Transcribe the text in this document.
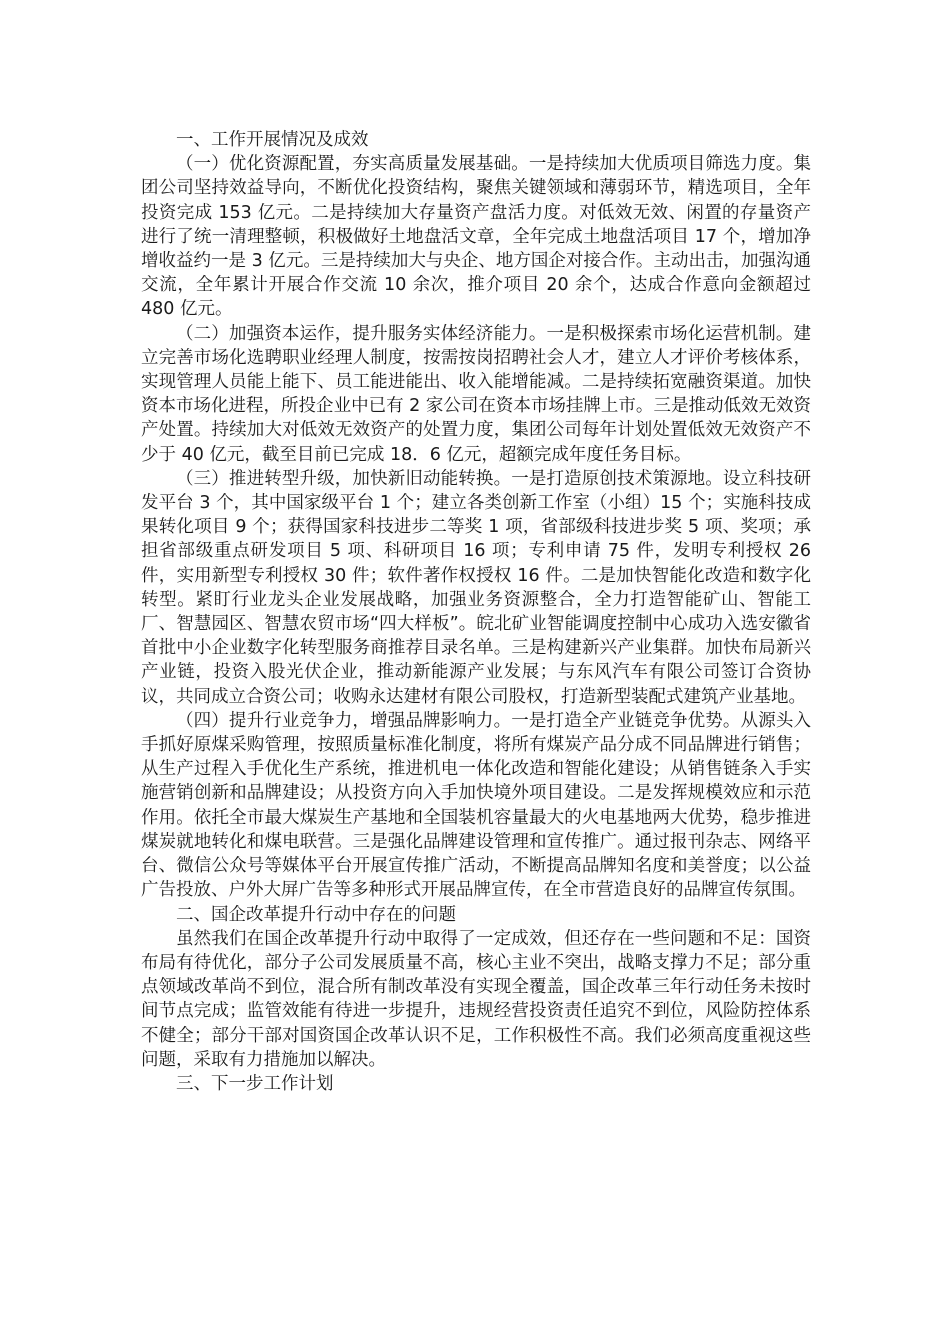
一、工作开展情况及成效

（一）优化资源配置，夯实高质量发展基础。一是持续加大优质项目筛选力度。集团公司坚持效益导向，不断优化投资结构，聚焦关键领域和薄弱环节，精选项目，全年投资完成 153 亿元。二是持续加大存量资产盘活力度。对低效无效、闲置的存量资产进行了统一清理整顿，积极做好土地盘活文章，全年完成土地盘活项目 17 个，增加净增收益约一是 3 亿元。三是持续加大与央企、地方国企对接合作。主动出击，加强沟通交流，全年累计开展合作交流 10 余次，推介项目 20 余个，达成合作意向金额超过 480 亿元。

（二）加强资本运作，提升服务实体经济能力。一是积极探索市场化运营机制。建立完善市场化选聘职业经理人制度，按需按岗招聘社会人才，建立人才评价考核体系，实现管理人员能上能下、员工能进能出、收入能增能减。二是持续拓宽融资渠道。加快资本市场化进程，所投企业中已有 2 家公司在资本市场挂牌上市。三是推动低效无效资产处置。持续加大对低效无效资产的处置力度，集团公司每年计划处置低效无效资产不少于 40 亿元，截至目前已完成 18．6 亿元，超额完成年度任务目标。

（三）推进转型升级，加快新旧动能转换。一是打造原创技术策源地。设立科技研发平台 3 个，其中国家级平台 1 个；建立各类创新工作室（小组）15 个；实施科技成果转化项目 9 个；获得国家科技进步二等奖 1 项，省部级科技进步奖 5 项、奖项；承担省部级重点研发项目 5 项、科研项目 16 项；专利申请 75 件，发明专利授权 26 件，实用新型专利授权 30 件；软件著作权授权 16 件。二是加快智能化改造和数字化转型。紧盯行业龙头企业发展战略，加强业务资源整合，全力打造智能矿山、智能工厂、智慧园区、智慧农贸市场“四大样板”。皖北矿业智能调度控制中心成功入选安徽省首批中小企业数字化转型服务商推荐目录名单。三是构建新兴产业集群。加快布局新兴产业链，投资入股光伏企业，推动新能源产业发展；与东风汽车有限公司签订合资协议，共同成立合资公司；收购永达建材有限公司股权，打造新型装配式建筑产业基地。

（四）提升行业竞争力，增强品牌影响力。一是打造全产业链竞争优势。从源头入手抓好原煤采购管理，按照质量标准化制度，将所有煤炭产品分成不同品牌进行销售；从生产过程入手优化生产系统，推进机电一体化改造和智能化建设；从销售链条入手实施营销创新和品牌建设；从投资方向入手加快境外项目建设。二是发挥规模效应和示范作用。依托全市最大煤炭生产基地和全国装机容量最大的火电基地两大优势，稳步推进煤炭就地转化和煤电联营。三是强化品牌建设管理和宣传推广。通过报刊杂志、网络平台、微信公众号等媒体平台开展宣传推广活动，不断提高品牌知名度和美誉度；以公益广告投放、户外大屏广告等多种形式开展品牌宣传，在全市营造良好的品牌宣传氛围。

二、国企改革提升行动中存在的问题

虽然我们在国企改革提升行动中取得了一定成效，但还存在一些问题和不足：国资布局有待优化，部分子公司发展质量不高，核心主业不突出，战略支撑力不足；部分重点领域改革尚不到位，混合所有制改革没有实现全覆盖，国企改革三年行动任务未按时间节点完成；监管效能有待进一步提升，违规经营投资责任追究不到位，风险防控体系不健全；部分干部对国资国企改革认识不足，工作积极性不高。我们必须高度重视这些问题，采取有力措施加以解决。

三、下一步工作计划
